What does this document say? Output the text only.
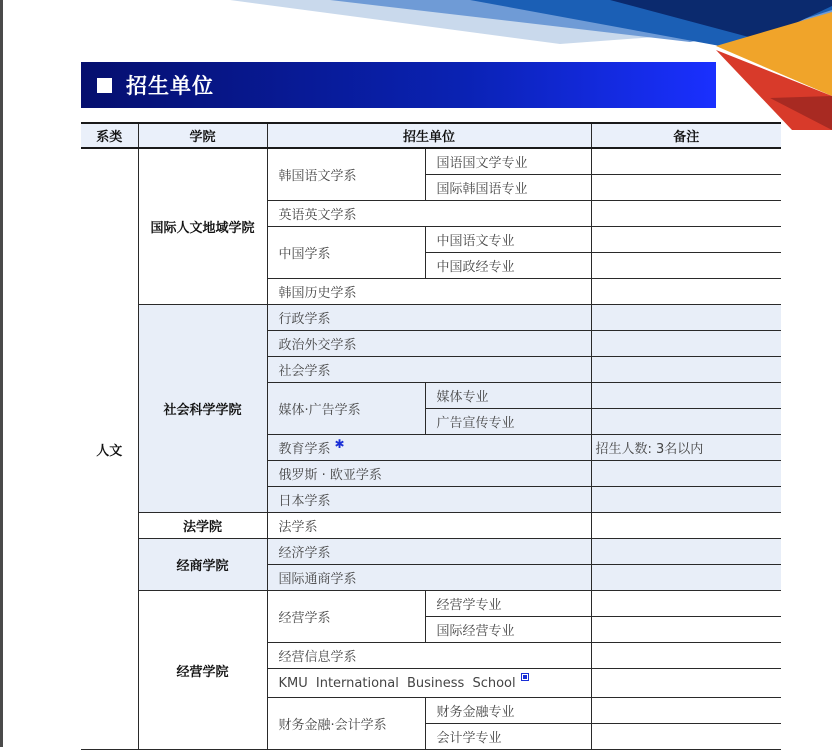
招生单位
系类	学院	招生单位		备注
人文	国际人文地域学院	韩国语文学系	国语国文学专业	
			国际韩国语专业	
		英语英文学系		
		中国学系	中国语文专业	
			中国政经专业	
		韩国历史学系		
	社会科学学院	行政学系		
		政治外交学系		
		社会学系		
		媒体·广告学系	媒体专业	
			广告宣传专业	
		教育学系 ✱		招生人数: 3名以内
		俄罗斯 · 欧亚学系		
		日本学系		
	法学院	法学系		
	经商学院	经济学系		
		国际通商学系		
	经营学院	经营学系	经营学专业	
			国际经营专业	
		经营信息学系		
		KMU International Business School		
		财务金融·会计学系	财务金融专业	
			会计学专业	
